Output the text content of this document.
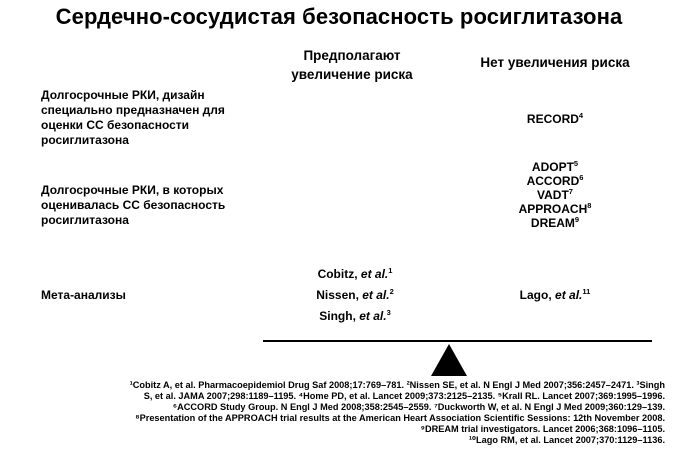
Сердечно-сосудистая безопасность росиглитазона
Предполагают
увеличение риска
Нет увеличения риска
Долгосрочные РКИ, дизайн
специально предназначен для
оценки СС безопасности
росиглитазона
RECORD$^4$
Долгосрочные РКИ, в которых
оценивалась СС безопасность
росиглитазона
ADOPT$^5$
ACCORD$^6$
VADT$^7$
APPROACH$^8$
DREAM$^9$
Мета-анализы
Cobitz, et al.$^1$
Nissen, et al.$^2$
Singh, et al.$^3$
Lago, et al.$^{11}$
¹Cobitz A, et al. Pharmacoepidemiol Drug Saf 2008;17:769–781. ²Nissen SE, et al. N Engl J Med 2007;356:2457–2471. ³Singh
S, et al. JAMA 2007;298:1189–1195. ⁴Home PD, et al. Lancet 2009;373:2125–2135. ⁵Krall RL. Lancet 2007;369:1995–1996.
⁶ACCORD Study Group. N Engl J Med 2008;358:2545–2559. ⁷Duckworth W, et al. N Engl J Med 2009;360:129–139.
⁸Presentation of the APPROACH trial results at the American Heart Association Scientific Sessions: 12th November 2008.
⁹DREAM trial investigators. Lancet 2006;368:1096–1105.
¹⁰Lago RM, et al. Lancet 2007;370:1129–1136.
